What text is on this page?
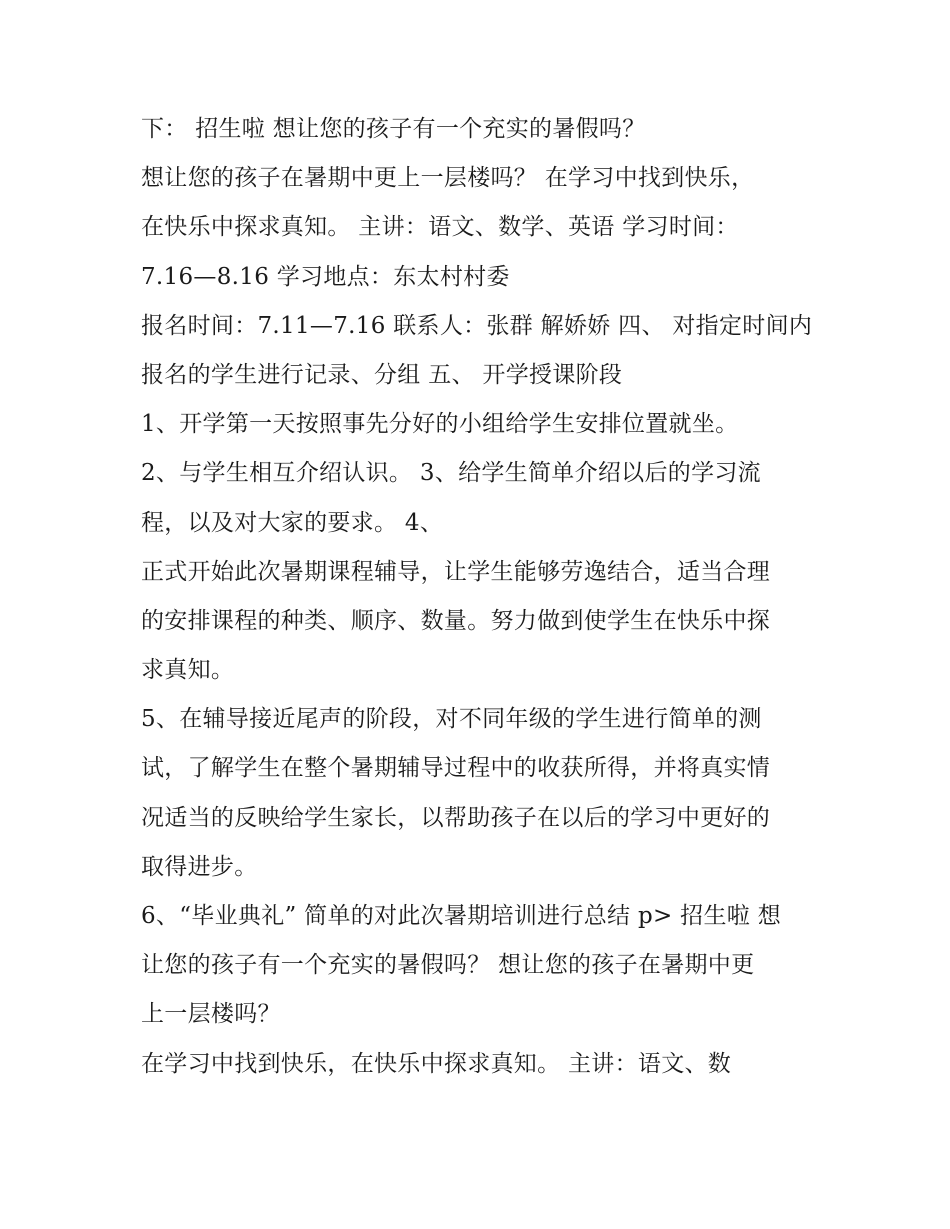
下： 招生啦 想让您的孩子有一个充实的暑假吗？
想让您的孩子在暑期中更上一层楼吗？ 在学习中找到快乐，
在快乐中探求真知。 主讲：语文、数学、英语 学习时间：
7.16—8.16 学习地点：东太村村委
报名时间：7.11—7.16 联系人：张群 解娇娇 四、 对指定时间内
报名的学生进行记录、分组 五、 开学授课阶段
1、开学第一天按照事先分好的小组给学生安排位置就坐。
2、与学生相互介绍认识。 3、给学生简单介绍以后的学习流
程，以及对大家的要求。 4、
正式开始此次暑期课程辅导，让学生能够劳逸结合，适当合理
的安排课程的种类、顺序、数量。努力做到使学生在快乐中探
求真知。
5、在辅导接近尾声的阶段，对不同年级的学生进行简单的测
试，了解学生在整个暑期辅导过程中的收获所得，并将真实情
况适当的反映给学生家长，以帮助孩子在以后的学习中更好的
取得进步。
6、“毕业典礼” 简单的对此次暑期培训进行总结 p> 招生啦 想
让您的孩子有一个充实的暑假吗？ 想让您的孩子在暑期中更
上一层楼吗？
在学习中找到快乐，在快乐中探求真知。 主讲：语文、数
